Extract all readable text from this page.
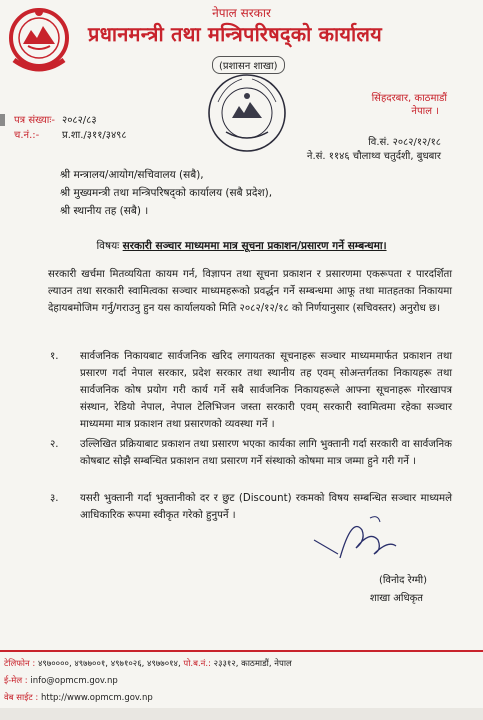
नेपाल सरकार
प्रधानमन्त्री तथा मन्त्रिपरिषद्को कार्यालय
(प्रशासन शाखा)
सिंहदरबार, काठमाडौं
नेपाल ।
पत्र संख्याः- २०८२/८३
च.नं.:- प्र.शा./३११/३४९८
वि.सं. २०८२/१२/१८
ने.सं. ११४६ चौलाथ्व चतुर्दशी, बुधबार
श्री मन्त्रालय/आयोग/सचिवालय (सबै),
श्री मुख्यमन्त्री तथा मन्त्रिपरिषद्को कार्यालय (सबै प्रदेश),
श्री स्थानीय तह (सबै) ।
विषयः सरकारी सञ्चार माध्यममा मात्र सूचना प्रकाशन/प्रसारण गर्ने सम्बन्धमा।
सरकारी खर्चमा मितव्ययिता कायम गर्न, विज्ञापन तथा सूचना प्रकाशन र प्रसारणमा एकरूपता र पारदर्शिता ल्याउन तथा सरकारी स्वामित्वका सञ्चार माध्यमहरूको प्रवर्द्धन गर्ने सम्बन्धमा आफू तथा मातहतका निकायमा देहायबमोजिम गर्नु/गराउनु हुन यस कार्यालयको मिति २०८२/१२/१८ को निर्णयानुसार (सचिवस्तर) अनुरोध छ।
१. सार्वजनिक निकायबाट सार्वजनिक खरिद लगायतका सूचनाहरू सञ्चार माध्यममार्फत प्रकाशन तथा प्रसारण गर्दा नेपाल सरकार, प्रदेश सरकार तथा स्थानीय तह एवम् सोअन्तर्गतका निकायहरू तथा सार्वजनिक कोष प्रयोग गरी कार्य गर्ने सबै सार्वजनिक निकायहरूले आफ्ना सूचनाहरू गोरखापत्र संस्थान, रेडियो नेपाल, नेपाल टेलिभिजन जस्ता सरकारी एवम् सरकारी स्वामित्वमा रहेका सञ्चार माध्यममा मात्र प्रकाशन तथा प्रसारणको व्यवस्था गर्ने ।
२. उल्लिखित प्रक्रियाबाट प्रकाशन तथा प्रसारण भएका कार्यका लागि भुक्तानी गर्दा सरकारी वा सार्वजनिक कोषबाट सोझै सम्बन्धित प्रकाशन तथा प्रसारण गर्ने संस्थाको कोषमा मात्र जम्मा हुने गरी गर्ने ।
३. यसरी भुक्तानी गर्दा भुक्तानीको दर र छुट (Discount) रकमको विषय सम्बन्धित सञ्चार माध्यमले आधिकारिक रूपमा स्वीकृत गरेको हुनुपर्ने ।
(विनोद रेग्मी)
शाखा अधिकृत
टेलिफोन : ४९७००००, ४९७७००१, ४९७१०२६, ४९७७०१४, पो.ब.नं.: २३३१२, काठमाडौं, नेपाल
ई-मेल : info@opmcm.gov.np
वेब साईट : http://www.opmcm.gov.np
